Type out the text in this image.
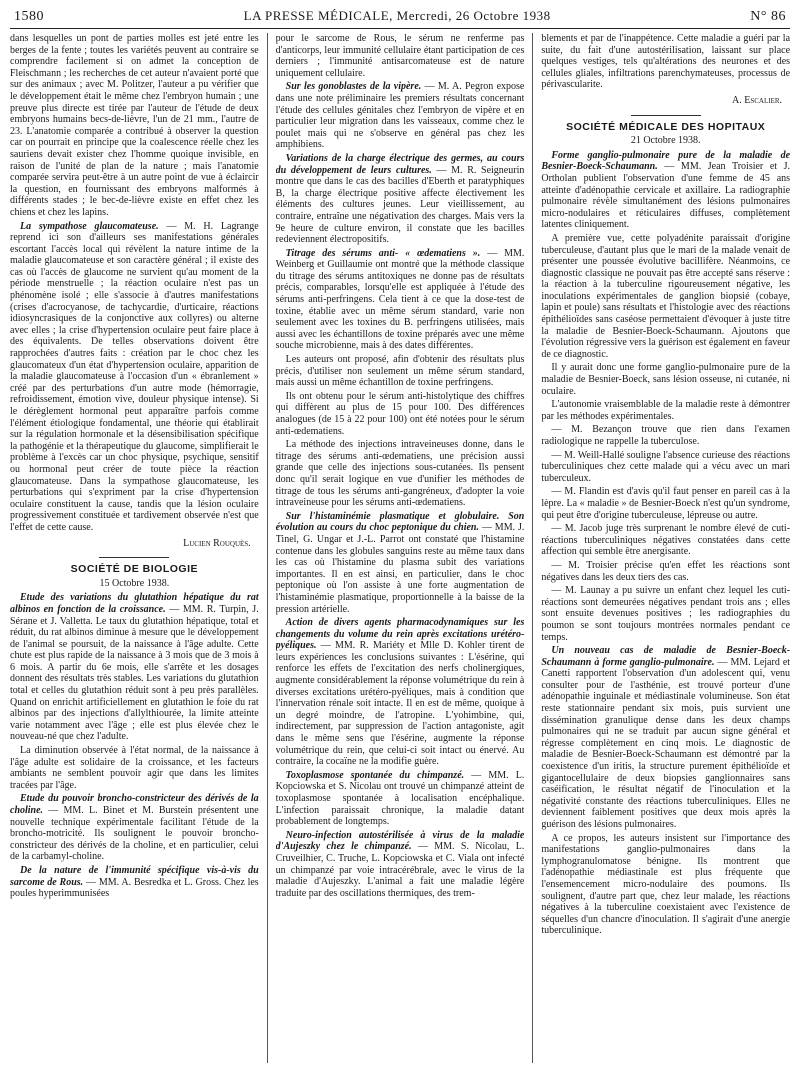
1580	LA PRESSE MÉDICALE, Mercredi, 26 Octobre 1938	N° 86

dans lesquelles un pont de parties molles est jeté entre les berges de la fente ; toutes les variétés peuvent au contraire se comprendre facilement si on admet la conception de Fleischmann ; les recherches de cet auteur n'avaient porté que sur des animaux ; avec M. Politzer, l'auteur a pu vérifier que le développement était le même chez l'embryon humain ; une preuve plus directe est tirée par l'auteur de l'étude de deux embryons humains becs-de-lièvre, l'un de 21 mm., l'autre de 23. L'anatomie comparée a contribué à observer la question car on pourrait en principe que la coalescence réelle chez les sauriens devait exister chez l'homme quoique invisible, en raison de l'unité de plan de la nature ; mais l'anatomie comparée servira peut-être à un autre point de vue à éclaircir la question, en fournissant des embryons malformés à différents stades ; le bec-de-lièvre existe en effet chez les chiens et chez les lapins.

La sympathose glaucomateuse. — M. H. Lagrange reprend ici son d'ailleurs ses manifestations générales escortant l'accès local qui révèlent la nature intime de la maladie glaucomateuse et son caractère général ; il existe des cas où l'accès de glaucome ne survient qu'au moment de la période menstruelle ; la réaction oculaire n'est pas un phénomène isolé ; elle s'associe à d'autres manifestations (crises d'acrocyanose, de tachycardie, d'urticaire, réactions idiosyncrasiques de la conjonctive aux collyres) ou alterne avec elles ; la crise d'hypertension oculaire peut faire place à des équivalents. De telles observations doivent être rapprochées d'autres faits : création par le choc chez les glaucomateux d'un état d'hypertension oculaire, apparition de la maladie glaucomateuse à l'occasion d'un « ébranlement » créé par des perturbations d'un autre mode (hémorragie, refroidissement, émotion vive, douleur physique intense). Si le dérèglement hormonal peut apparaître parfois comme l'élément étiologique fondamental, une théorie qui établirait sur la régulation hormonale et la désensibilisation spécifique la pathogénie et la thérapeutique du glaucome, simplifierait le problème à l'excès car un choc physique, psychique, sensitif ou hormonal peut créer de toute pièce la réaction glaucomateuse. Dans la sympathose glaucomateuse, les perturbations qui s'expriment par la crise d'hypertension oculaire constituent la cause, tandis que la lésion oculaire progressivement constituée et tardivement observée n'est que l'effet de cette cause.

Lucien Rouquès.
SOCIÉTÉ DE BIOLOGIE
15 Octobre 1938.

Etude des variations du glutathion hépatique du rat albinos en fonction de la croissance. — MM. R. Turpin, J. Sérane et J. Valletta. Le taux du glutathion hépatique, total et réduit, du rat albinos diminue à mesure que le développement de l'animal se poursuit, de la naissance à l'âge adulte. Cette chute est plus rapide de la naissance à 3 mois que de 3 mois à 6 mois. A partir du 6e mois, elle s'arrête et les dosages donnent des résultats très stables. Les variations du glutathion total et celles du glutathion réduit sont à peu près parallèles. Quand on enrichit artificiellement en glutathion le foie du rat albinos par des injections d'allylthiourée, la limite atteinte varie notamment avec l'âge ; elle est plus élevée chez le nouveau-né que chez l'adulte.

La diminution observée à l'état normal, de la naissance à l'âge adulte est solidaire de la croissance, et les facteurs ambiants ne semblent pouvoir agir que dans les limites tracées par l'âge.

Etude du pouvoir broncho-constricteur des dérivés de la choline. — MM. L. Binet et M. Burstein présentent une nouvelle technique expérimentale facilitant l'étude de la broncho-motricité. Ils soulignent le pouvoir broncho-constricteur des dérivés de la choline, et en particulier, celui de la carbamyl-choline.

De la nature de l'immunité spécifique vis-à-vis du sarcome de Rous. — MM. A. Besredka et L. Gross. Chez les poules hyperimmunisées

pour le sarcome de Rous, le sérum ne renferme pas d'anticorps, leur immunité cellulaire étant participation de ces derniers ; l'immunité antisarcomateuse est de nature uniquement cellulaire.

Sur les gonoblastes de la vipère. — M. A. Pegron expose dans une note préliminaire les premiers résultats concernant l'étude des cellules génitales chez l'embryon de vipère et en particulier leur migration dans les vaisseaux, comme chez le poulet mais qui ne s'observe en général pas chez les amphibiens.

Variations de la charge électrique des germes, au cours du développement de leurs cultures. — M. R. Seigneurin montre que dans le cas des bacilles d'Eberth et paratyphiques B, la charge électrique positive affecte électivement les éléments des cultures jeunes. Leur vieillissement, au contraire, entraîne une négativation des charges. Mais vers la 9e heure de culture environ, il constate que les bacilles redeviennent électropositifs.

Titrage des sérums anti- « œdematiens ». — MM. Weinberg et Guillaumie ont montré que la méthode classique du titrage des sérums antitoxiques ne donne pas de résultats précis, comparables, lorsqu'elle est appliquée à l'étude des sérums anti-perfringens. Cela tient à ce que la dose-test de toxine, établie avec un même sérum standard, varie non seulement avec les toxines du B. perfringens utilisées, mais aussi avec les échantillons de toxine préparés avec une même souche microbienne, mais à des dates différentes.

Les auteurs ont proposé, afin d'obtenir des résultats plus précis, d'utiliser non seulement un même sérum standard, mais aussi un même échantillon de toxine perfringens.

Ils ont obtenu pour le sérum anti-histolytique des chiffres qui diffèrent au plus de 15 pour 100. Des différences analogues (de 15 à 22 pour 100) ont été notées pour le sérum anti-œdematiens.

La méthode des injections intraveineuses donne, dans le titrage des sérums anti-œdematiens, une précision aussi grande que celle des injections sous-cutanées. Ils pensent donc qu'il serait logique en vue d'unifier les méthodes de titrage de tous les sérums anti-gangréneux, d'adopter la voie intraveineuse pour les sérums anti-œdematiens.

Sur l'histaminémie plasmatique et globulaire. Son évolution au cours du choc peptonique du chien. — MM. J. Tinel, G. Ungar et J.-L. Parrot ont constaté que l'histamine contenue dans les globules sanguins reste au même taux dans les cas où l'histamine du plasma subit des variations importantes. Il en est ainsi, en particulier, dans le choc peptonique où l'on assiste à une forte augmentation de l'histaminémie plasmatique, proportionnelle à la baisse de la pression artérielle.

Action de divers agents pharmacodynamiques sur les changements du volume du rein après excitations urétéro-pyéliques. — MM. R. Mariéty et Mlle D. Kohler tirent de leurs expériences les conclusions suivantes : L'ésérine, qui renforce les effets de l'excitation des nerfs cholinergiques, augmente considérablement la réponse volumétrique du rein à diverses excitations urétéro-pyéliques, mais à condition que l'innervation rénale soit intacte. Il en est de même, quoique à un degré moindre, de l'atropine. L'yohimbine, qui, indirectement, par suppression de l'action antagoniste, agit dans le même sens que l'ésérine, augmente la réponse volumétrique du rein, que celui-ci soit intact ou énervé. Au contraire, la cocaïne ne la modifie guère.

Toxoplasmose spontanée du chimpanzé. — MM. L. Kopciowska et S. Nicolau ont trouvé un chimpanzé atteint de toxoplasmose spontanée à localisation encéphalique. L'infection paraissait chronique, la maladie datant probablement de longtemps.

Neuro-infection autostérilisée à virus de la maladie d'Aujeszky chez le chimpanzé. — MM. S. Nicolau, L. Cruveilhier, C. Truche, L. Kopciowska et C. Viala ont infecté un chimpanzé par voie intracérébrale, avec le virus de la maladie d'Aujeszky. L'animal a fait une maladie légère traduite par des oscillations thermiques, des trem-

blements et par de l'inappétence. Cette maladie a guéri par la suite, du fait d'une autostérilisation, laissant sur place quelques vestiges, tels qu'altérations des neurones et des cellules gliales, infiltrations parenchymateuses, processus de périvascularite.

A. Escalier.
SOCIÉTÉ MÉDICALE DES HOPITAUX
21 Octobre 1938.

Forme ganglio-pulmonaire pure de la maladie de Besnier-Boeck-Schaumann. — MM. Jean Troisier et J. Ortholan publient l'observation d'une femme de 45 ans atteinte d'adénopathie cervicale et axillaire. La radiographie pulmonaire révèle simultanément des lésions pulmonaires micro-nodulaires et réticulaires diffuses, complètement latentes cliniquement.

A première vue, cette polyadénite paraissait d'origine tuberculeuse, d'autant plus que le mari de la malade venait de présenter une poussée évolutive bacillifère. Néanmoins, ce diagnostic classique ne pouvait pas être accepté sans réserve : la réaction à la tuberculine rigoureusement négative, les inoculations expérimentales de ganglion biopsié (cobaye, lapin et poule) sans résultats et l'histologie avec des réactions épithélioïdes sans caséose permettaient d'évoquer à juste titre la maladie de Besnier-Boeck-Schaumann. Ajoutons que l'évolution régressive vers la guérison est également en faveur de ce diagnostic.

Il y aurait donc une forme ganglio-pulmonaire pure de la maladie de Besnier-Boeck, sans lésion osseuse, ni cutanée, ni oculaire.

L'autonomie vraisemblable de la maladie reste à démontrer par les méthodes expérimentales.

— M. Bezançon trouve que rien dans l'examen radiologique ne rappelle la tuberculose.

— M. Weill-Hallé souligne l'absence curieuse des réactions tuberculiniques chez cette malade qui a vécu avec un mari tuberculeux.

— M. Flandin est d'avis qu'il faut penser en pareil cas à la lèpre. La « maladie » de Besnier-Boeck n'est qu'un syndrome, qui peut être d'origine tuberculeuse, lépreuse ou autre.

— M. Jacob juge très surprenant le nombre élevé de cuti-réactions tuberculiniques négatives constatées dans cette affection qui semble être anergisante.

— M. Troisier précise qu'en effet les réactions sont négatives dans les deux tiers des cas.

— M. Launay a pu suivre un enfant chez lequel les cuti-réactions sont demeurées négatives pendant trois ans ; elles sont ensuite devenues positives ; les radiographies du poumon se sont toujours montrées normales pendant ce temps.

Un nouveau cas de maladie de Besnier-Boeck-Schaumann à forme ganglio-pulmonaire. — MM. Lejard et Canetti rapportent l'observation d'un adolescent qui, venu consulter pour de l'asthénie, est trouvé porteur d'une adénopathie inguinale et médiastinale volumineuse. Son état reste stationnaire pendant six mois, puis survient une dissémination granulique dense dans les deux champs pulmonaires qui ne se traduit par aucun signe général et régresse complètement en cinq mois. Le diagnostic de maladie de Besnier-Boeck-Schaumann est démontré par la coexistence d'un iritis, la structure purement épithélioïde et gigantocellulaire de deux biopsies ganglionnaires sans caséification, le résultat négatif de l'inoculation et la négativité constante des réactions tuberculiniques. Elles ne deviennent faiblement positives que deux mois après la guérison des lésions pulmonaires.

A ce propos, les auteurs insistent sur l'importance des manifestations ganglio-pulmonaires dans la lymphogranulomatose bénigne. Ils montrent que l'adénopathie médiastinale est plus fréquente que l'ensemencement micro-nodulaire des poumons. Ils soulignent, d'autre part que, chez leur malade, les réactions négatives à la tuberculine coexistaient avec l'existence de séquelles d'un chancre d'inoculation. Il s'agirait d'une anergie tuberculinique.
